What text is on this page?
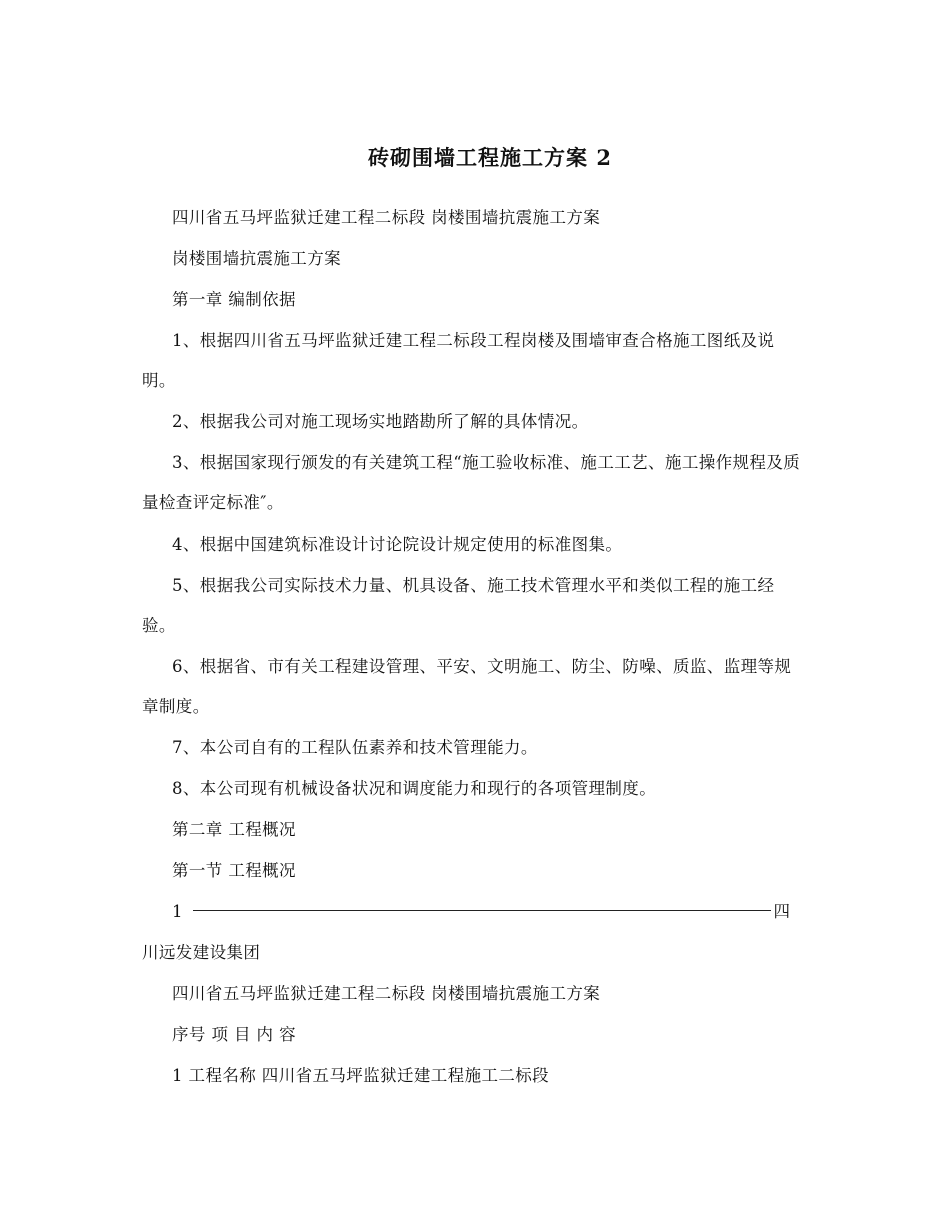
砖砌围墙工程施工方案 2
四川省五马坪监狱迁建工程二标段 岗楼围墙抗震施工方案
岗楼围墙抗震施工方案
第一章 编制依据
1、根据四川省五马坪监狱迁建工程二标段工程岗楼及围墙审查合格施工图纸及说明。
2、根据我公司对施工现场实地踏勘所了解的具体情况。
3、根据国家现行颁发的有关建筑工程“施工验收标准、施工工艺、施工操作规程及质量检查评定标准″。
4、根据中国建筑标准设计讨论院设计规定使用的标准图集。
5、根据我公司实际技术力量、机具设备、施工技术管理水平和类似工程的施工经验。
6、根据省、市有关工程建设管理、平安、文明施工、防尘、防噪、质监、监理等规章制度。
7、本公司自有的工程队伍素养和技术管理能力。
8、本公司现有机械设备状况和调度能力和现行的各项管理制度。
第二章 工程概况
第一节 工程概况
1	四
川远发建设集团
四川省五马坪监狱迁建工程二标段 岗楼围墙抗震施工方案
序号 项 目 内 容
1 工程名称 四川省五马坪监狱迁建工程施工二标段
